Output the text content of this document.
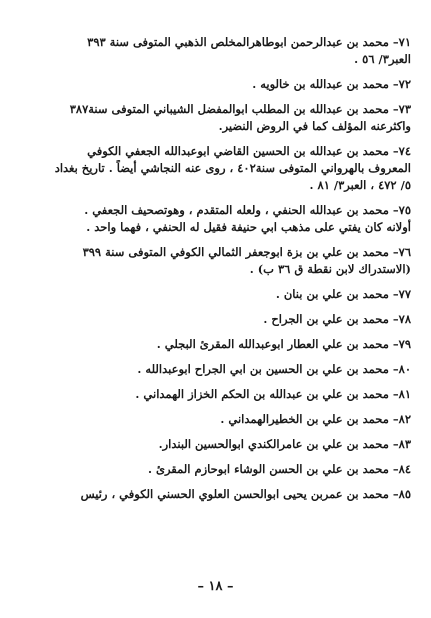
٧١– محمد بن عبدالرحمن ابوطاهرالمخلص الذهبي المتوفى سنة ٣٩٣
العبر٣/ ٥٦ .
٧٢– محمد بن عبدالله بن خالويه .
٧٣– محمد بن عبدالله بن المطلب ابوالمفضل الشيباني المتوفى سنة٣٨٧
واكثرعنه المؤلف كما في الروض النضير.
٧٤– محمد بن عبدالله بن الحسين القاضي ابوعبدالله الجعفي الكوفي
المعروف بالهرواني المتوفى سنة٤٠٢ ، روى عنه النجاشي أيضاً . تاريخ بغداد
٥/ ٤٧٢ ، العبر٣/ ٨١ .
٧٥– محمد بن عبدالله الحنفي ، ولعله المتقدم ، وهوتصحيف الجعفي .
أولانه كان يفتي على مذهب ابي حنيفة فقيل له الحنفي ، فهما واحد .
٧٦– محمد بن علي بن بزة ابوجعفر الثمالي الكوفي المتوفى سنة ٣٩٩
(الاستدراك لابن نقطة ق ٣٦ ب) .
٧٧– محمد بن علي بن بنان .
٧٨– محمد بن علي بن الجراح .
٧٩– محمد بن علي العطار ابوعبدالله المقرئ البجلي .
٨٠– محمد بن علي بن الحسين بن ابي الجراح ابوعبدالله .
٨١– محمد بن علي بن عبدالله بن الحكم الخزاز الهمداني .
٨٢– محمد بن علي بن الخطيرالهمداني .
٨٣– محمد بن علي بن عامرالكندي ابوالحسين البندار.
٨٤– محمد بن علي بن الحسن الوشاء ابوحازم المقرئ .
٨٥– محمد بن عمربن يحيى ابوالحسن العلوي الحسني الكوفي ، رئيس
– ١٨ –
